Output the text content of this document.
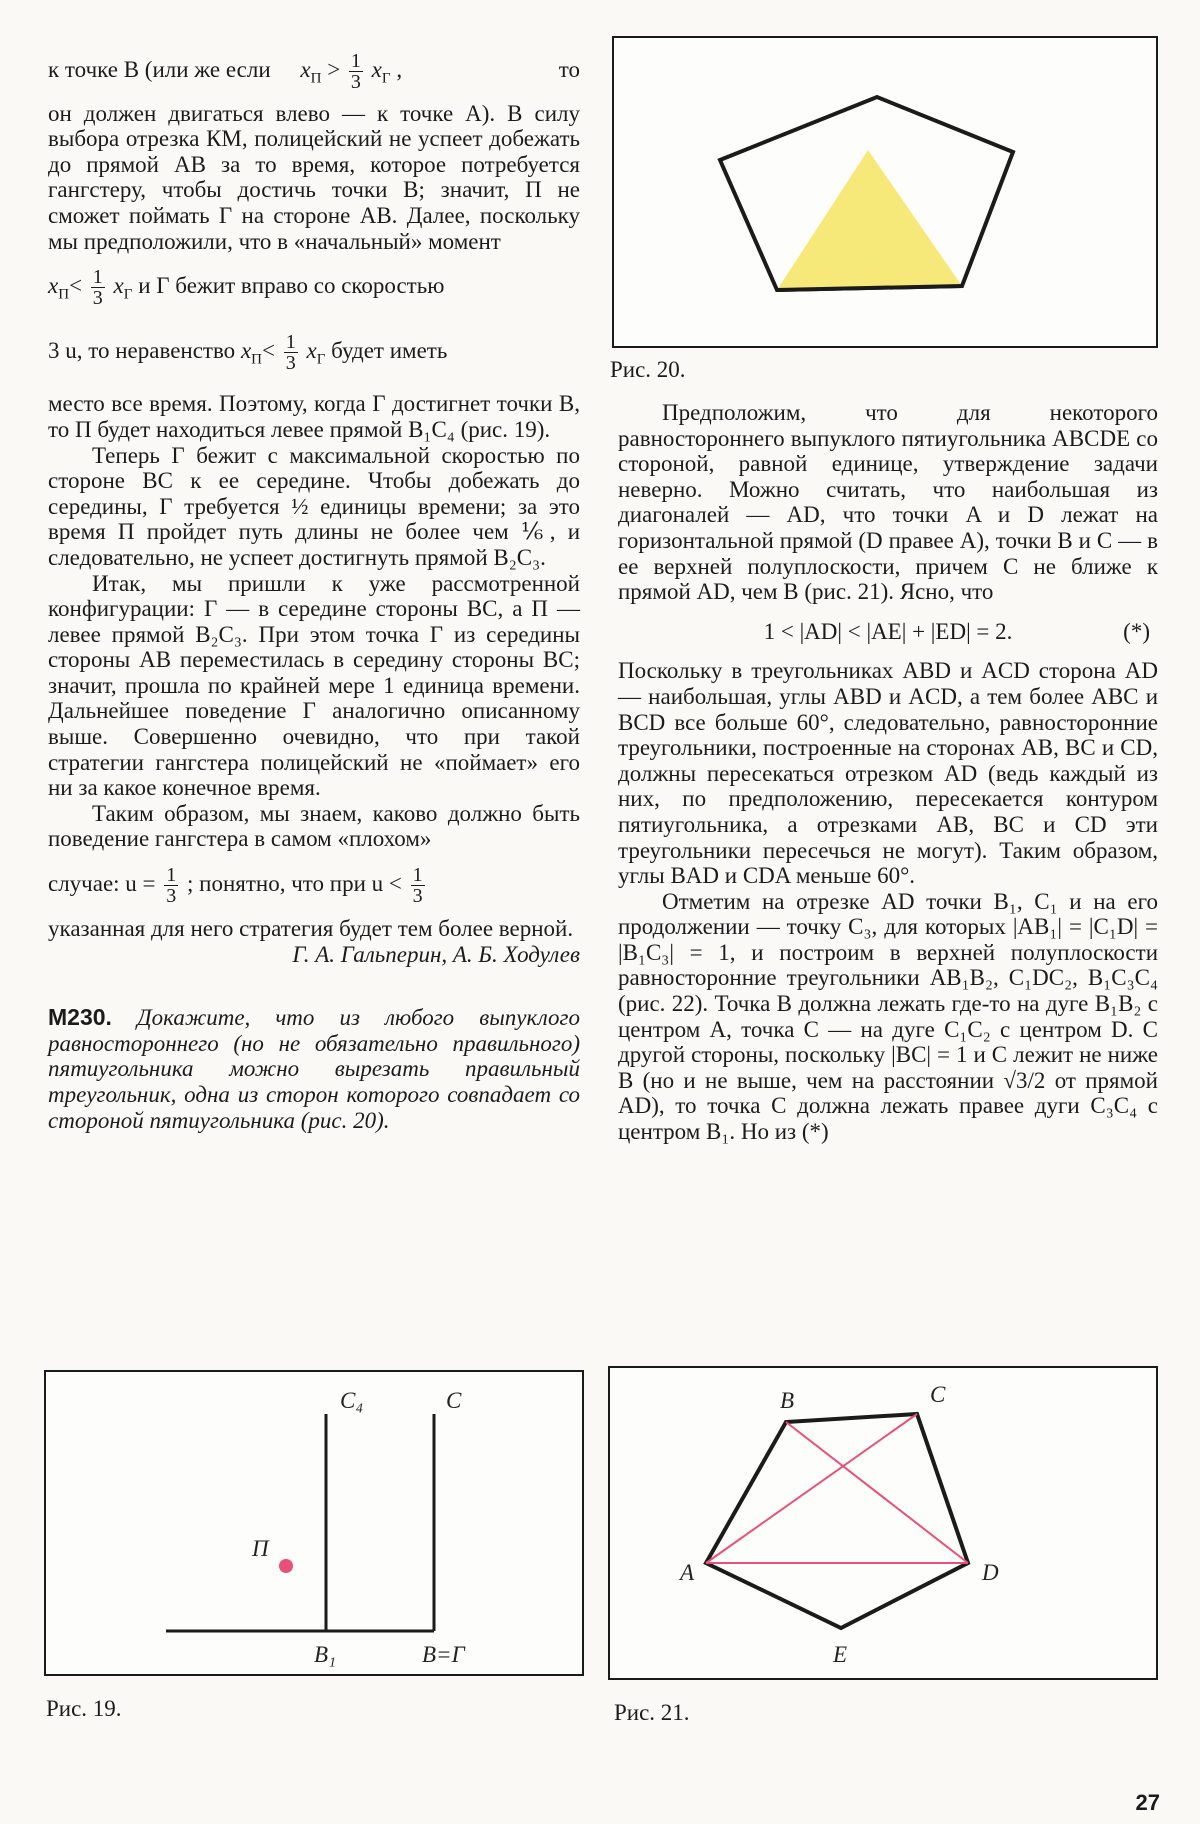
к точке В (или же если $x_П > \frac{1}{3} x_Г$ ,	то

он должен двигаться влево — к точке А). В силу выбора отрезка КМ, полицейский не успеет добежать до прямой АВ за то время, которое потребуется гангстеру, чтобы достичь точки В; значит, П не сможет поймать Г на стороне АВ. Далее, поскольку мы предположили, что в «начальный» момент

$x_П< \frac{1}{3} x_Г$ и Г бежит вправо со скоростью

3 u, то неравенство $x_П< \frac{1}{3} x_Г$ будет иметь

место все время. Поэтому, когда Г достигнет точки В, то П будет находиться левее прямой B₁C₄ (рис. 19).

Теперь Г бежит с максимальной скоростью по стороне ВС к ее середине. Чтобы добежать до середины, Г требуется ½ единицы времени; за это время П пройдет путь длины не более чем ⅙, и следовательно, не успеет достигнуть прямой B₂C₃.

Итак, мы пришли к уже рассмотренной конфигурации: Г — в середине стороны ВС, а П — левее прямой B₂C₃. При этом точка Г из середины стороны АВ переместилась в середину стороны ВС; значит, прошла по крайней мере 1 единица времени. Дальнейшее поведение Г аналогично описанному выше. Совершенно очевидно, что при такой стратегии гангстера полицейский не «поймает» его ни за какое конечное время.

Таким образом, мы знаем, каково должно быть поведение гангстера в самом «плохом»

случае: $u = \frac{1}{3}$ ; понятно, что при $u < \frac{1}{3}$

указанная для него стратегия будет тем более верной.

Г. А. Гальперин, А. Б. Ходулев

М230. Докажите, что из любого выпуклого равностороннего (но не обязательно правильного) пятиугольника можно вырезать правильный треугольник, одна из сторон которого совпадает со стороной пятиугольника (рис. 20).

Рис. 20.

Предположим, что для некоторого равностороннего выпуклого пятиугольника ABCDE со стороной, равной единице, утверждение задачи неверно. Можно считать, что наибольшая из диагоналей — AD, что точки A и D лежат на горизонтальной прямой (D правее A), точки B и C — в ее верхней полуплоскости, причем C не ближе к прямой AD, чем B (рис. 21). Ясно, что

1 < |AD| < |AE| + |ED| = 2.	(*)

Поскольку в треугольниках ABD и ACD сторона AD — наибольшая, углы ABD и ACD, а тем более ABC и BCD все больше 60°, следовательно, равносторонние треугольники, построенные на сторонах AB, BC и CD, должны пересекаться отрезком AD (ведь каждый из них, по предположению, пересекается контуром пятиугольника, а отрезками AB, BC и CD эти треугольники пересечься не могут). Таким образом, углы BAD и CDA меньше 60°.

Отметим на отрезке AD точки B₁, C₁ и на его продолжении — точку C₃, для которых |AB₁| = |C₁D| = |B₁C₃| = 1, и построим в верхней полуплоскости равносторонние треугольники AB₁B₂, C₁DC₂, B₁C₃C₄ (рис. 22). Точка B должна лежать где-то на дуге B₁B₂ с центром A, точка C — на дуге C₁C₂ с центром D. С другой стороны, поскольку |BC| = 1 и C лежит не ниже B (но и не выше, чем на расстоянии √3/2 от прямой AD), то точка C должна лежать правее дуги C₃C₄ с центром B₁. Но из (*)

C₄	C
П
B₁	B=Г
Рис. 19.
A
B	C
D
E
Рис. 21.
27
